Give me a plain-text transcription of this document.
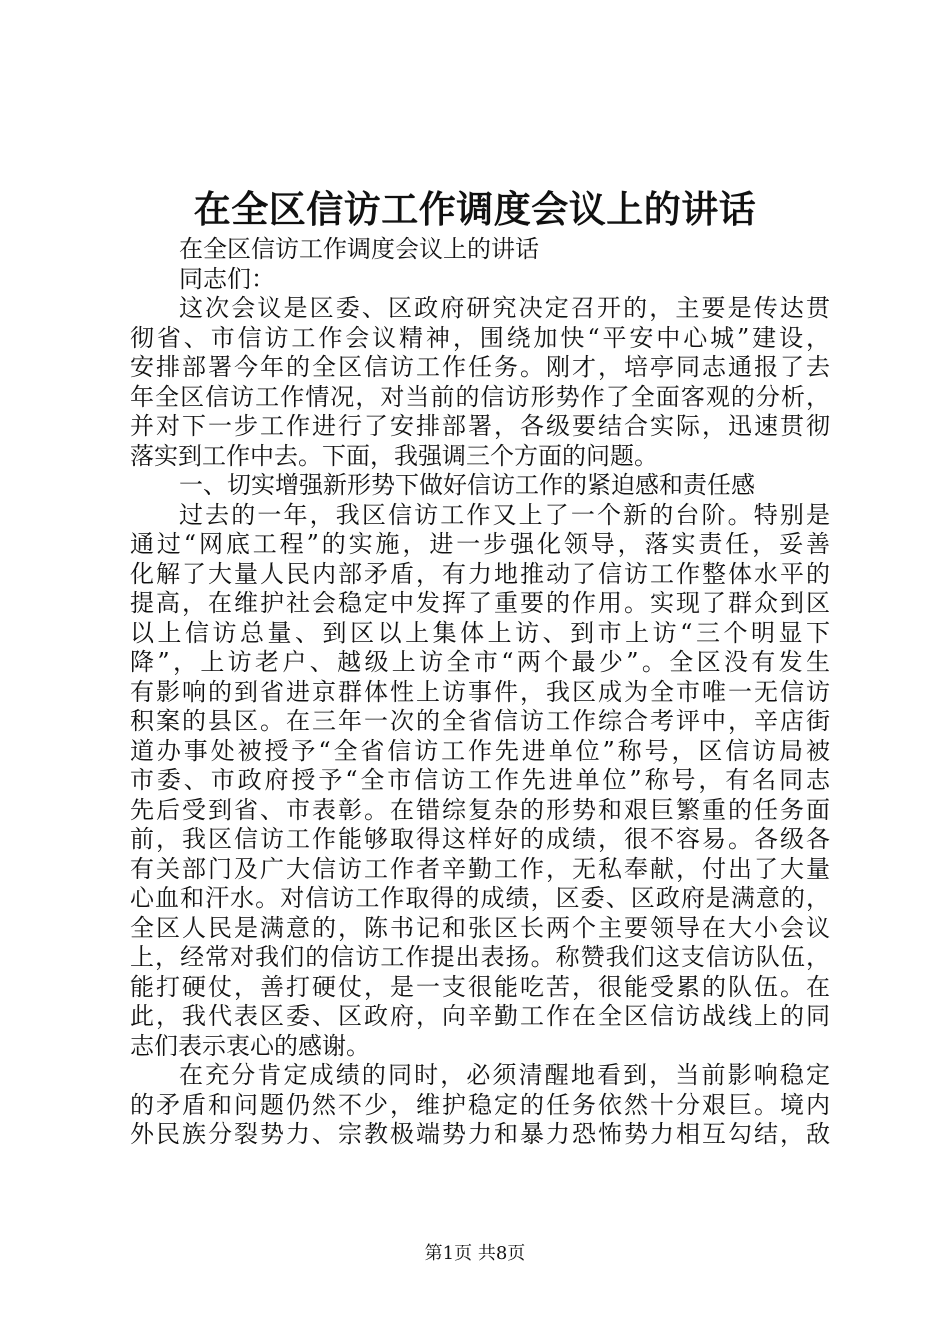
在全区信访工作调度会议上的讲话
在全区信访工作调度会议上的讲话
同志们：
这次会议是区委、区政府研究决定召开的，主要是传达贯
彻省、市信访工作会议精神，围绕加快“平安中心城”建设，
安排部署今年的全区信访工作任务。刚才，培亭同志通报了去
年全区信访工作情况，对当前的信访形势作了全面客观的分析，
并对下一步工作进行了安排部署，各级要结合实际，迅速贯彻
落实到工作中去。下面，我强调三个方面的问题。
一、切实增强新形势下做好信访工作的紧迫感和责任感
过去的一年，我区信访工作又上了一个新的台阶。特别是
通过“网底工程”的实施，进一步强化领导，落实责任，妥善
化解了大量人民内部矛盾，有力地推动了信访工作整体水平的
提高，在维护社会稳定中发挥了重要的作用。实现了群众到区
以上信访总量、到区以上集体上访、到市上访“三个明显下
降”，上访老户、越级上访全市“两个最少”。全区没有发生
有影响的到省进京群体性上访事件，我区成为全市唯一无信访
积案的县区。在三年一次的全省信访工作综合考评中，辛店街
道办事处被授予“全省信访工作先进单位”称号，区信访局被
市委、市政府授予“全市信访工作先进单位”称号，有名同志
先后受到省、市表彰。在错综复杂的形势和艰巨繁重的任务面
前，我区信访工作能够取得这样好的成绩，很不容易。各级各
有关部门及广大信访工作者辛勤工作，无私奉献，付出了大量
心血和汗水。对信访工作取得的成绩，区委、区政府是满意的，
全区人民是满意的，陈书记和张区长两个主要领导在大小会议
上，经常对我们的信访工作提出表扬。称赞我们这支信访队伍，
能打硬仗，善打硬仗，是一支很能吃苦，很能受累的队伍。在
此，我代表区委、区政府，向辛勤工作在全区信访战线上的同
志们表示衷心的感谢。
在充分肯定成绩的同时，必须清醒地看到，当前影响稳定
的矛盾和问题仍然不少，维护稳定的任务依然十分艰巨。境内
外民族分裂势力、宗教极端势力和暴力恐怖势力相互勾结，敌
第1页 共8页
